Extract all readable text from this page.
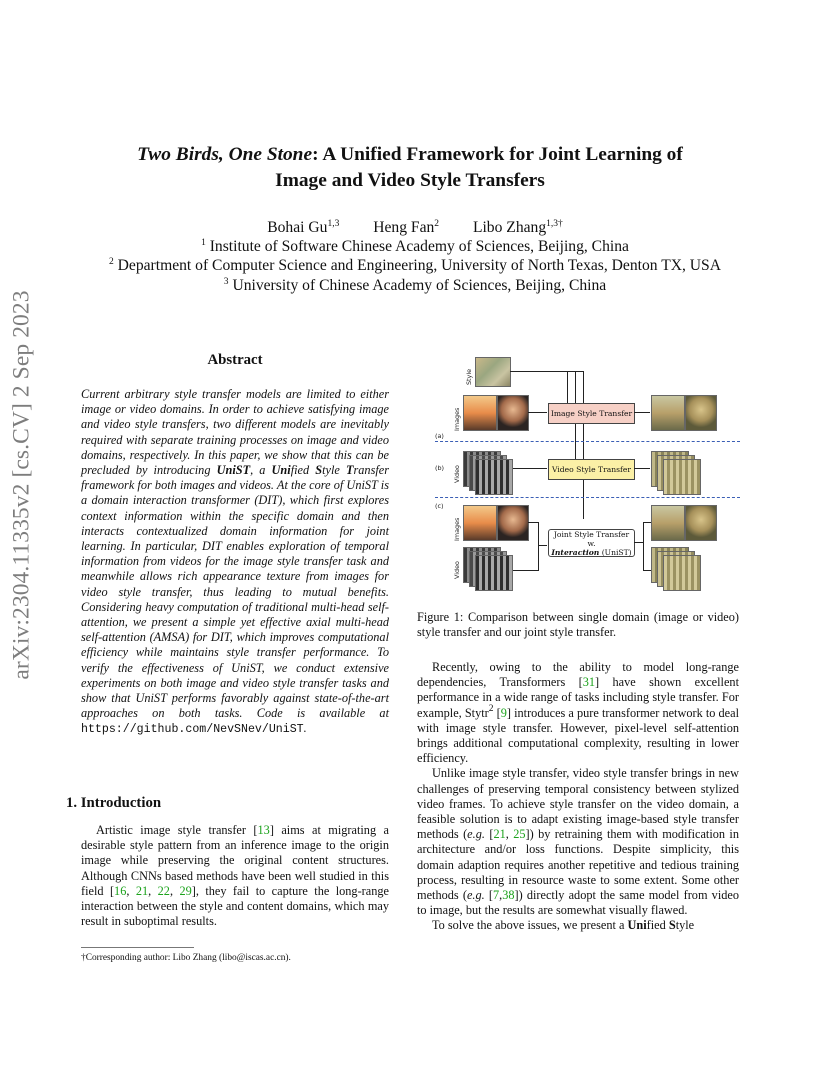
arXiv:2304.11335v2 [cs.CV] 2 Sep 2023
Two Birds, One Stone: A Unified Framework for Joint Learning of
Image and Video Style Transfers
Bohai Gu$^{1,3}$ Heng Fan$^2$ Libo Zhang$^{1,3\dagger}$
$^1$ Institute of Software Chinese Academy of Sciences, Beijing, China
$^2$ Department of Computer Science and Engineering, University of North Texas, Denton TX, USA
$^3$ University of Chinese Academy of Sciences, Beijing, China
Abstract
Current arbitrary style transfer models are limited to either image or video domains. In order to achieve satisfying image and video style transfers, two different models are inevitably required with separate training processes on image and video domains, respectively. In this paper, we show that this can be precluded by introducing UniST, a Unified Style Transfer framework for both images and videos. At the core of UniST is a domain interaction transformer (DIT), which first explores context information within the specific domain and then interacts contextualized domain information for joint learning. In particular, DIT enables exploration of temporal information from videos for the image style transfer task and meanwhile allows rich appearance texture from images for video style transfer, thus leading to mutual benefits. Considering heavy computation of traditional multi-head self-attention, we present a simple yet effective axial multi-head self-attention (AMSA) for DIT, which improves computational efficiency while maintains style transfer performance. To verify the effectiveness of UniST, we conduct extensive experiments on both image and video style transfer tasks and show that UniST performs favorably against state-of-the-art approaches on both tasks. Code is available at https://github.com/NevSNev/UniST.
1. Introduction
Artistic image style transfer [13] aims at migrating a desirable style pattern from an inference image to the origin image while preserving the original content structures. Although CNNs based methods have been well studied in this field [16, 21, 22, 29], they fail to capture the long-range interaction between the style and content domains, which may result in suboptimal results.
†Corresponding author: Libo Zhang (libo@iscas.ac.cn).
Style
Images	Image Style Transfer
(a)
(b) Video	Video Style Transfer
(c)
Images
Video
Joint Style Transfer w.
Interaction (UniST)
Figure 1: Comparison between single domain (image or video) style transfer and our joint style transfer.

Recently, owing to the ability to model long-range dependencies, Transformers [31] have shown excellent performance in a wide range of tasks including style transfer. For example, Stytr$^2$ [9] introduces a pure transformer network to deal with image style transfer. However, pixel-level self-attention brings additional computational complexity, resulting in lower efficiency.

Unlike image style transfer, video style transfer brings in new challenges of preserving temporal consistency between stylized video frames. To achieve style transfer on the video domain, a feasible solution is to adapt existing image-based style transfer methods (e.g. [21, 25]) by retraining them with modification in architecture and/or loss functions. Despite simplicity, this domain adaption requires another repetitive and tedious training process, resulting in resource waste to some extent. Some other methods (e.g. [7,38]) directly adopt the same model from video to image, but the results are somewhat visually flawed.

To solve the above issues, we present a Unified Style
